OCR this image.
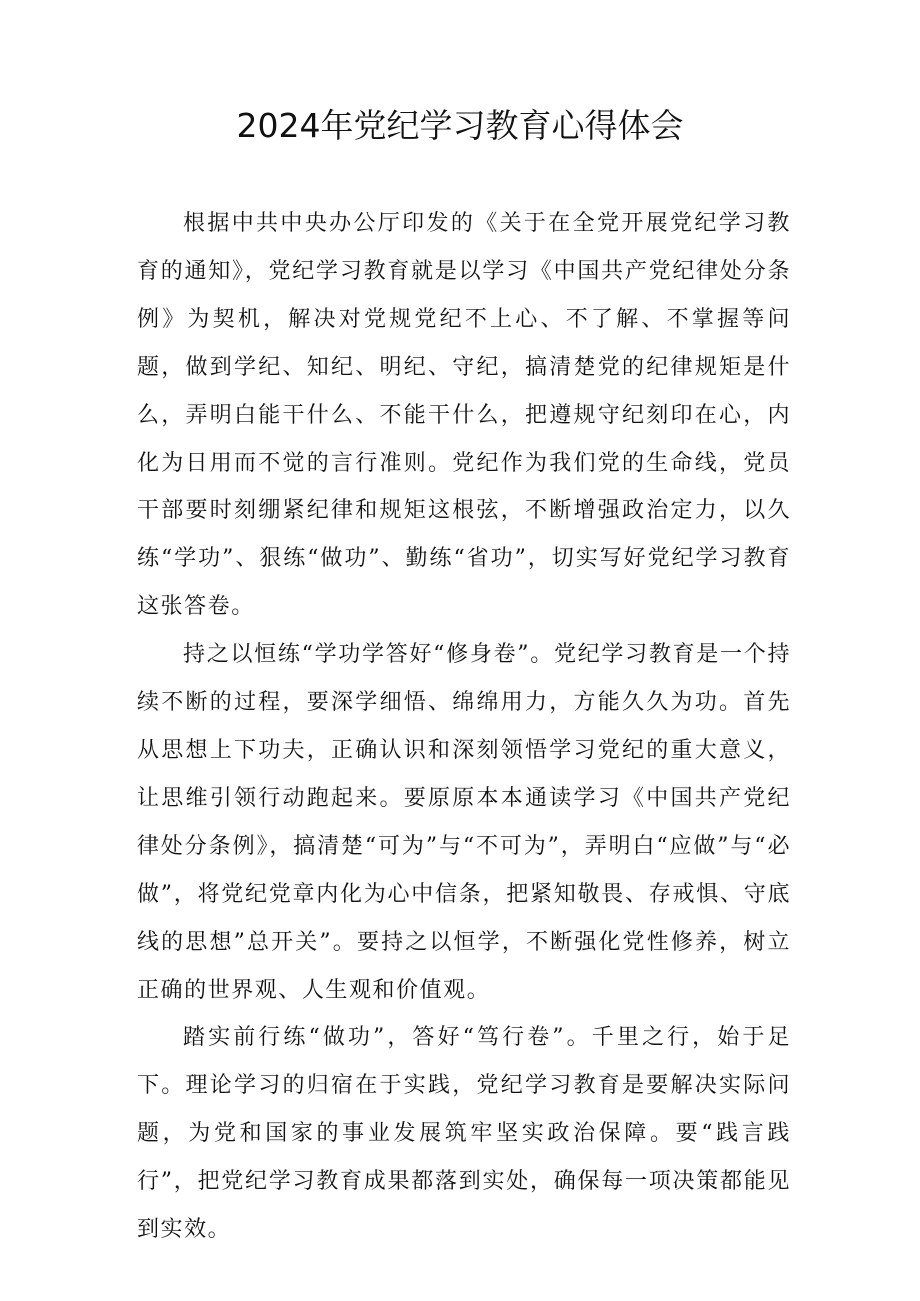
2024年党纪学习教育心得体会

根据中共中央办公厅印发的《关于在全党开展党纪学习教育的通知》，党纪学习教育就是以学习《中国共产党纪律处分条例》为契机，解决对党规党纪不上心、不了解、不掌握等问题，做到学纪、知纪、明纪、守纪，搞清楚党的纪律规矩是什么，弄明白能干什么、不能干什么，把遵规守纪刻印在心，内化为日用而不觉的言行准则。党纪作为我们党的生命线，党员干部要时刻绷紧纪律和规矩这根弦，不断增强政治定力，以久练“学功”、狠练“做功”、勤练“省功”，切实写好党纪学习教育这张答卷。

持之以恒练“学功学答好“修身卷”。党纪学习教育是一个持续不断的过程，要深学细悟、绵绵用力，方能久久为功。首先从思想上下功夫，正确认识和深刻领悟学习党纪的重大意义，让思维引领行动跑起来。要原原本本通读学习《中国共产党纪律处分条例》，搞清楚“可为”与“不可为”，弄明白“应做”与“必做”，将党纪党章内化为心中信条，把紧知敬畏、存戒惧、守底线的思想”总开关”。要持之以恒学，不断强化党性修养，树立正确的世界观、人生观和价值观。

踏实前行练“做功”，答好“笃行卷”。千里之行，始于足下。理论学习的归宿在于实践，党纪学习教育是要解决实际问题，为党和国家的事业发展筑牢坚实政治保障。要“践言践行”，把党纪学习教育成果都落到实处，确保每一项决策都能见到实效。
